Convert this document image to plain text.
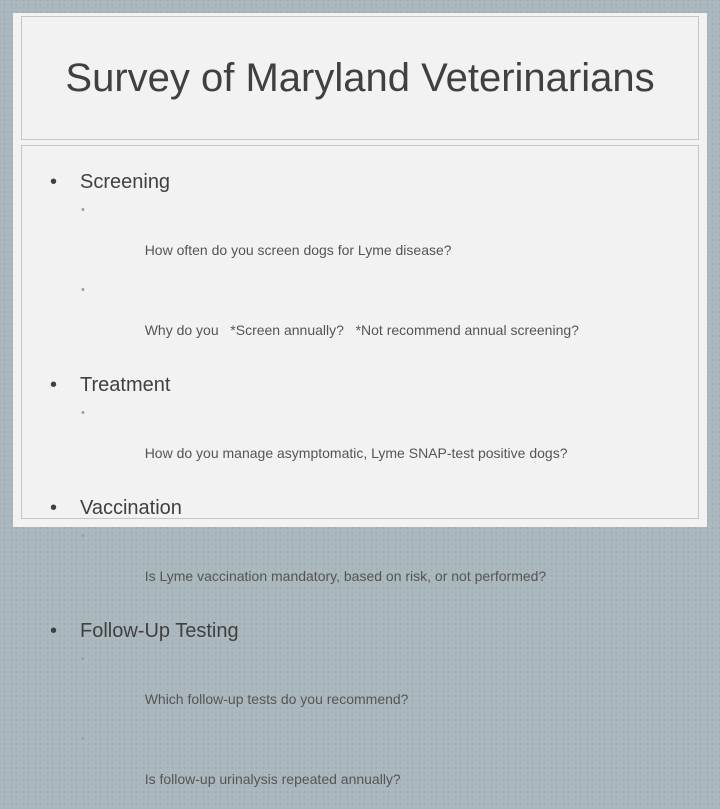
Survey of Maryland Veterinarians
• Screening

•

How often do you screen dogs for Lyme disease?

•

Why do you   *Screen annually?   *Not recommend annual screening?

• Treatment

•

How do you manage asymptomatic, Lyme SNAP-test positive dogs?

• Vaccination

•

Is Lyme vaccination mandatory, based on risk, or not performed?

• Follow-Up Testing

•

Which follow-up tests do you recommend?

•

Is follow-up urinalysis repeated annually?
